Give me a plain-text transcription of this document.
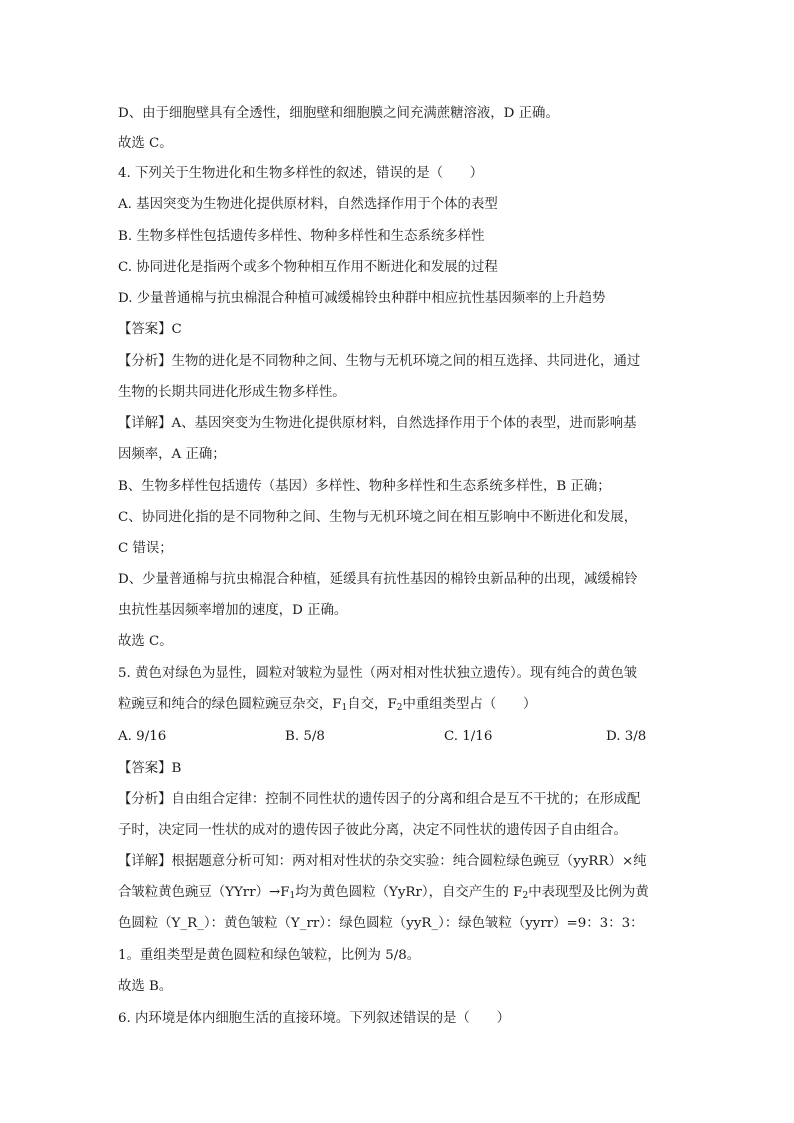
D、由于细胞壁具有全透性，细胞壁和细胞膜之间充满蔗糖溶液，D 正确。
故选 C。
4. 下列关于生物进化和生物多样性的叙述，错误的是（　　）
A. 基因突变为生物进化提供原材料，自然选择作用于个体的表型
B. 生物多样性包括遗传多样性、物种多样性和生态系统多样性
C. 协同进化是指两个或多个物种相互作用不断进化和发展的过程
D. 少量普通棉与抗虫棉混合种植可减缓棉铃虫种群中相应抗性基因频率的上升趋势
【答案】C
【分析】生物的进化是不同物种之间、生物与无机环境之间的相互选择、共同进化，通过
生物的长期共同进化形成生物多样性。
【详解】A、基因突变为生物进化提供原材料，自然选择作用于个体的表型，进而影响基
因频率，A 正确；
B、生物多样性包括遗传（基因）多样性、物种多样性和生态系统多样性，B 正确；
C、协同进化指的是不同物种之间、生物与无机环境之间在相互影响中不断进化和发展，
C 错误；
D、少量普通棉与抗虫棉混合种植，延缓具有抗性基因的棉铃虫新品种的出现，减缓棉铃
虫抗性基因频率增加的速度，D 正确。
故选 C。
5. 黄色对绿色为显性，圆粒对皱粒为显性（两对相对性状独立遗传）。现有纯合的黄色皱
粒豌豆和纯合的绿色圆粒豌豆杂交，$F_1$自交，$F_2$中重组类型占（　　）
A. 9/16	B. 5/8	C. 1/16	D. 3/8
【答案】B
【分析】自由组合定律：控制不同性状的遗传因子的分离和组合是互不干扰的；在形成配
子时，决定同一性状的成对的遗传因子彼此分离，决定不同性状的遗传因子自由组合。
【详解】根据题意分析可知：两对相对性状的杂交实验：纯合圆粒绿色豌豆（yyRR）×纯
合皱粒黄色豌豆$(YYrr)\to F_1$均为黄色圆粒（YyRr），自交产生的 $F_2$中表现型及比例为黄
色圆粒（Y_R_）：黄色皱粒（Y_rr）：绿色圆粒（yyR_）：绿色皱粒（yyrr）=9：3：3：
1。重组类型是黄色圆粒和绿色皱粒，比例为 5/8。
故选 B。
6. 内环境是体内细胞生活的直接环境。下列叙述错误的是（　　）
